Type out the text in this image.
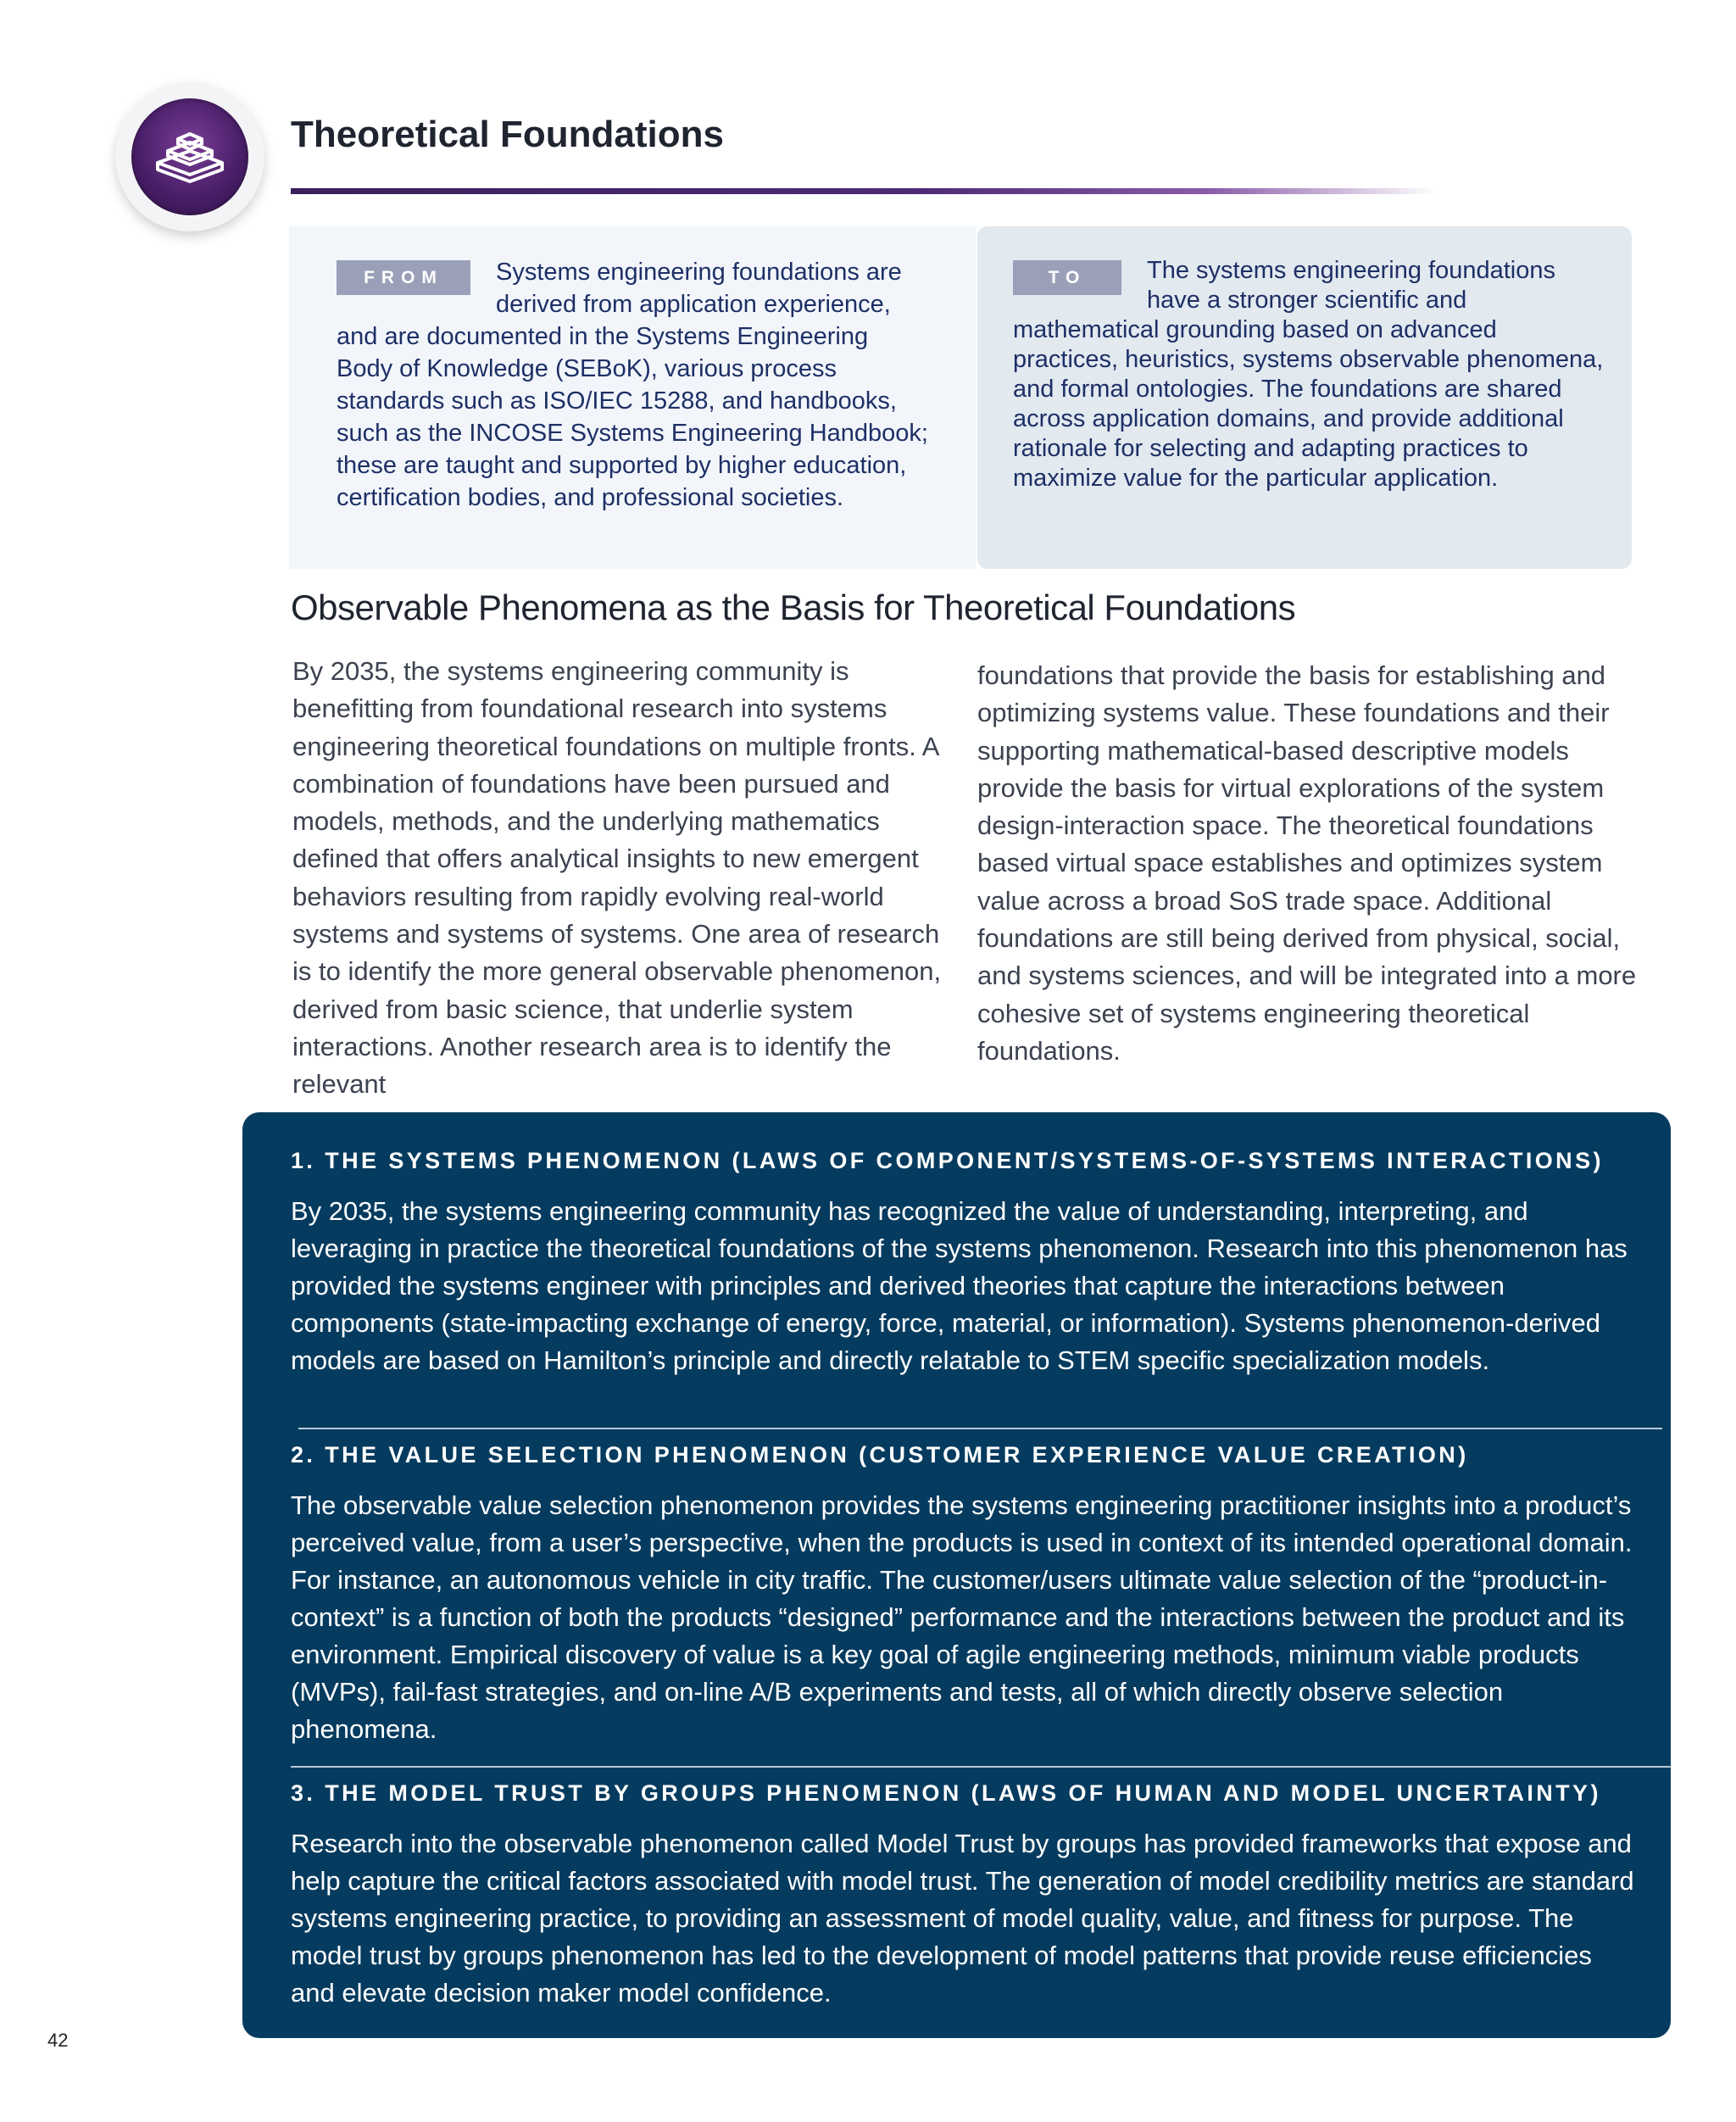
Theoretical Foundations
FROM	Systems engineering foundations are derived from application experience, and are documented in the Systems Engineering Body of Knowledge (SEBoK), various process standards such as ISO/IEC 15288, and handbooks, such as the INCOSE Systems Engineering Handbook; these are taught and supported by higher education, certification bodies, and professional societies.
TO	The systems engineering foundations have a stronger scientific and mathematical grounding based on advanced practices, heuristics, systems observable phenomena, and formal ontologies. The foundations are shared across application domains, and provide additional rationale for selecting and adapting practices to maximize value for the particular application.
Observable Phenomena as the Basis for Theoretical Foundations
By 2035, the systems engineering community is benefitting from foundational research into systems engineering theoretical foundations on multiple fronts. A combination of foundations have been pursued and models, methods, and the underlying mathematics defined that offers analytical insights to new emergent behaviors resulting from rapidly evolving real-world systems and systems of systems. One area of research is to identify the more general observable phenomenon, derived from basic science, that underlie system interactions. Another research area is to identify the relevant
foundations that provide the basis for establishing and optimizing systems value. These foundations and their supporting mathematical-based descriptive models provide the basis for virtual explorations of the system design-interaction space. The theoretical foundations based virtual space establishes and optimizes system value across a broad SoS trade space. Additional foundations are still being derived from physical, social, and systems sciences, and will be integrated into a more cohesive set of systems engineering theoretical foundations.
1. THE SYSTEMS PHENOMENON (LAWS OF COMPONENT/SYSTEMS-OF-SYSTEMS INTERACTIONS)
By 2035, the systems engineering community has recognized the value of understanding, interpreting, and leveraging in practice the theoretical foundations of the systems phenomenon. Research into this phenomenon has provided the systems engineer with principles and derived theories that capture the interactions between components (state-impacting exchange of energy, force, material, or information). Systems phenomenon-derived models are based on Hamilton’s principle and directly relatable to STEM specific specialization models.
2. THE VALUE SELECTION PHENOMENON (CUSTOMER EXPERIENCE VALUE CREATION)
The observable value selection phenomenon provides the systems engineering practitioner insights into a product’s perceived value, from a user’s perspective, when the products is used in context of its intended operational domain. For instance, an autonomous vehicle in city traffic. The customer/users ultimate value selection of the “product-in-context” is a function of both the products “designed” performance and the interactions between the product and its environment. Empirical discovery of value is a key goal of agile engineering methods, minimum viable products (MVPs), fail-fast strategies, and on-line A/B experiments and tests, all of which directly observe selection phenomena.
3. THE MODEL TRUST BY GROUPS PHENOMENON (LAWS OF HUMAN AND MODEL UNCERTAINTY)
Research into the observable phenomenon called Model Trust by groups has provided frameworks that expose and help capture the critical factors associated with model trust. The generation of model credibility metrics are standard systems engineering practice, to providing an assessment of model quality, value, and fitness for purpose. The model trust by groups phenomenon has led to the development of model patterns that provide reuse efficiencies and elevate decision maker model confidence.
42
